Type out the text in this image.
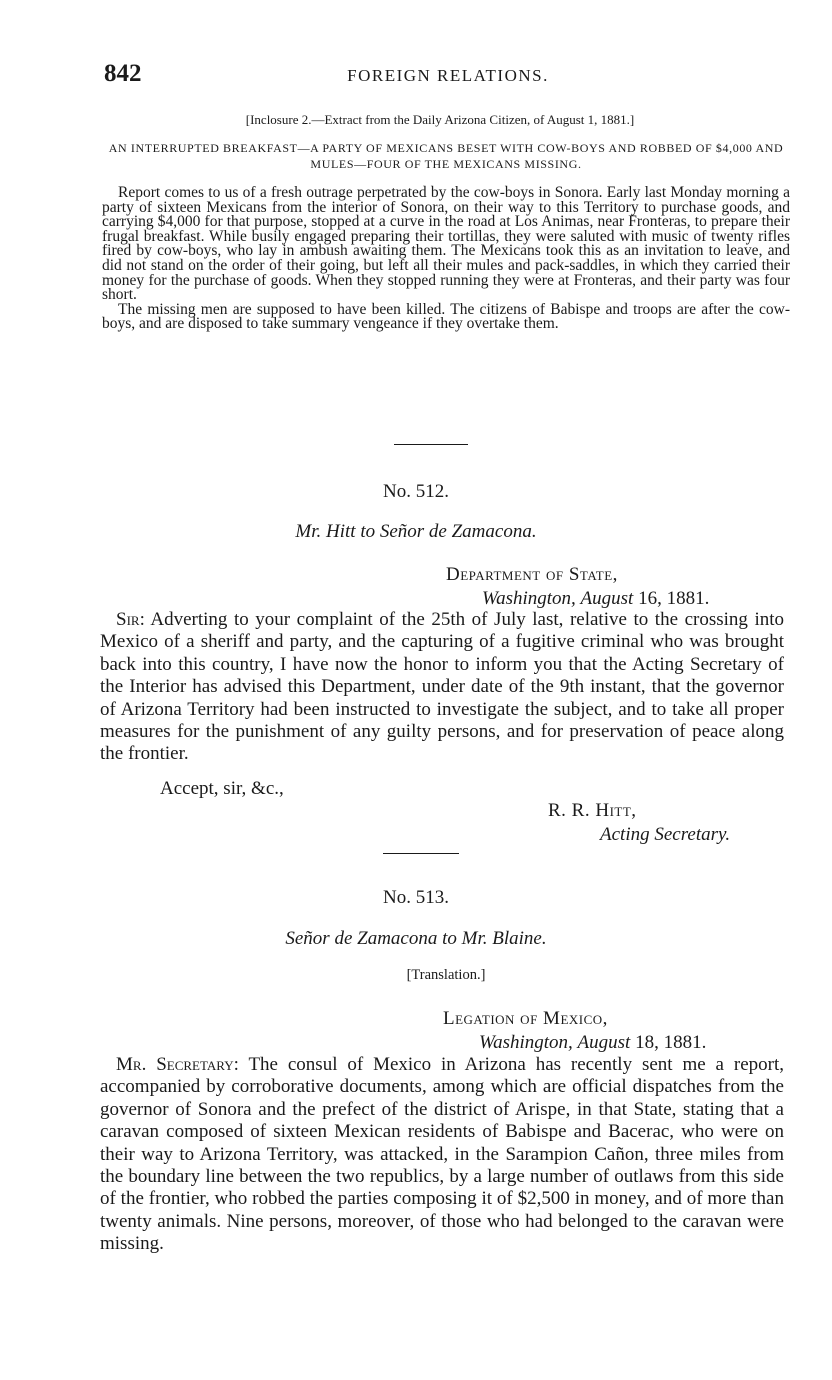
842	FOREIGN RELATIONS.
[Inclosure 2.—Extract from the Daily Arizona Citizen, of August 1, 1881.]
AN INTERRUPTED BREAKFAST—A PARTY OF MEXICANS BESET WITH COW-BOYS AND ROBBED OF $4,000 AND MULES—FOUR OF THE MEXICANS MISSING.

Report comes to us of a fresh outrage perpetrated by the cow-boys in Sonora. Early last Monday morning a party of sixteen Mexicans from the interior of Sonora, on their way to this Territory to purchase goods, and carrying $4,000 for that purpose, stopped at a curve in the road at Los Animas, near Fronteras, to prepare their frugal breakfast. While busily engaged preparing their tortillas, they were saluted with music of twenty rifles fired by cow-boys, who lay in ambush awaiting them. The Mexicans took this as an invitation to leave, and did not stand on the order of their going, but left all their mules and pack-saddles, in which they carried their money for the purchase of goods. When they stopped running they were at Fronteras, and their party was four short.

The missing men are supposed to have been killed. The citizens of Babispe and troops are after the cow-boys, and are disposed to take summary vengeance if they overtake them.

No. 512.
Mr. Hitt to Señor de Zamacona.
Department of State,
Washington, August 16, 1881.

Sir: Adverting to your complaint of the 25th of July last, relative to the crossing into Mexico of a sheriff and party, and the capturing of a fugitive criminal who was brought back into this country, I have now the honor to inform you that the Acting Secretary of the Interior has advised this Department, under date of the 9th instant, that the governor of Arizona Territory had been instructed to investigate the subject, and to take all proper measures for the punishment of any guilty persons, and for preservation of peace along the frontier.

Accept, sir, &c.,
R. R. Hitt,
Acting Secretary.
No. 513.
Señor de Zamacona to Mr. Blaine.
[Translation.]
Legation of Mexico,
Washington, August 18, 1881.

Mr. Secretary: The consul of Mexico in Arizona has recently sent me a report, accompanied by corroborative documents, among which are official dispatches from the governor of Sonora and the prefect of the district of Arispe, in that State, stating that a caravan composed of sixteen Mexican residents of Babispe and Bacerac, who were on their way to Arizona Territory, was attacked, in the Sarampion Cañon, three miles from the boundary line between the two republics, by a large number of outlaws from this side of the frontier, who robbed the parties composing it of $2,500 in money, and of more than twenty animals. Nine persons, moreover, of those who had belonged to the caravan were missing.
